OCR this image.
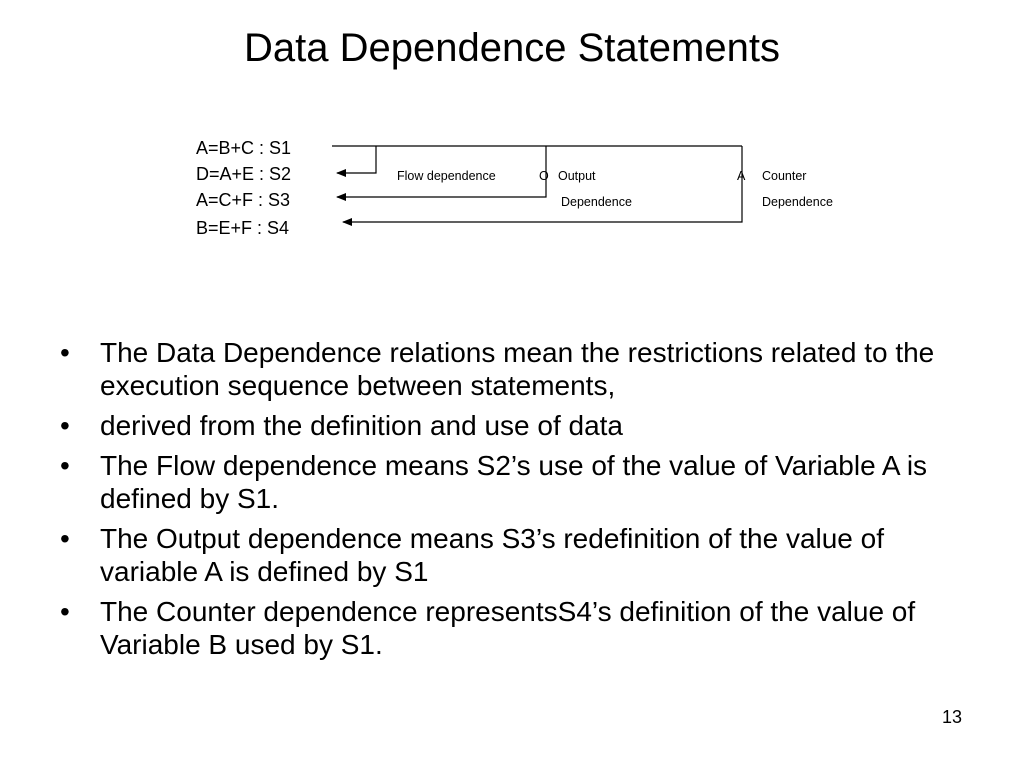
Data Dependence Statements
A=B+C : S1
D=A+E : S2
A=C+F : S3
B=E+F : S4
Flow dependence	O Output
Dependence
A Counter
Dependence
• The Data Dependence relations mean the restrictions related to the execution sequence between statements,
• derived from the definition and use of data
• The Flow dependence means S2’s use of the value of Variable A is defined by S1.
• The Output dependence means S3’s redefinition of the value of variable A is defined by S1
• The Counter dependence representsS4’s definition of the value of Variable B used by S1.
13
